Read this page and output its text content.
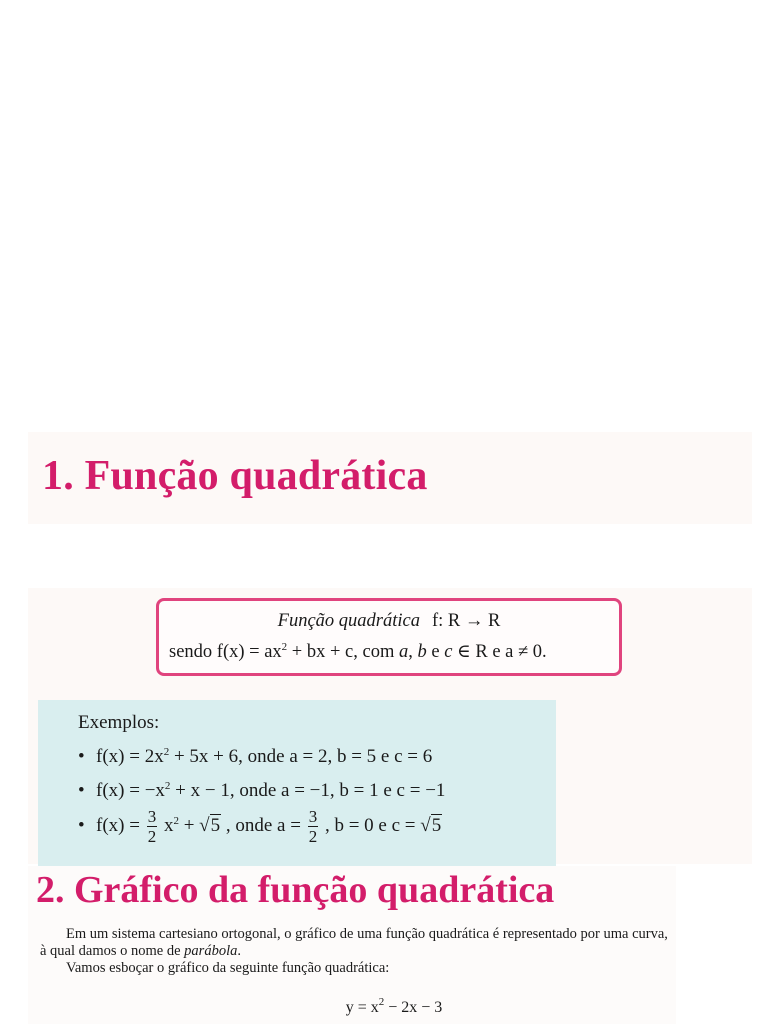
1. Função quadrática
Função quadrática f: R → R
sendo $f(x) = ax^2$ + bx + c, com a, b e c ∈ R e a ≠ 0.
Exemplos:
• $f(x) = 2x^2 + 5x + 6$, onde a = 2, b = 5 e c = 6
• $f(x) = -x^2 + x - 1$, onde a = −1, b = 1 e c = −1
• $f(x) = \frac{3}{2} x^2 + √5$ , onde $a = \frac{3}{2}$ , b = 0 e c = √5
2. Gráfico da função quadrática

Em um sistema cartesiano ortogonal, o gráfico de uma função quadrática é representado por uma curva, à qual damos o nome de parábola.
Vamos esboçar o gráfico da seguinte função quadrática:

$y = x^2 - 2x - 3$
